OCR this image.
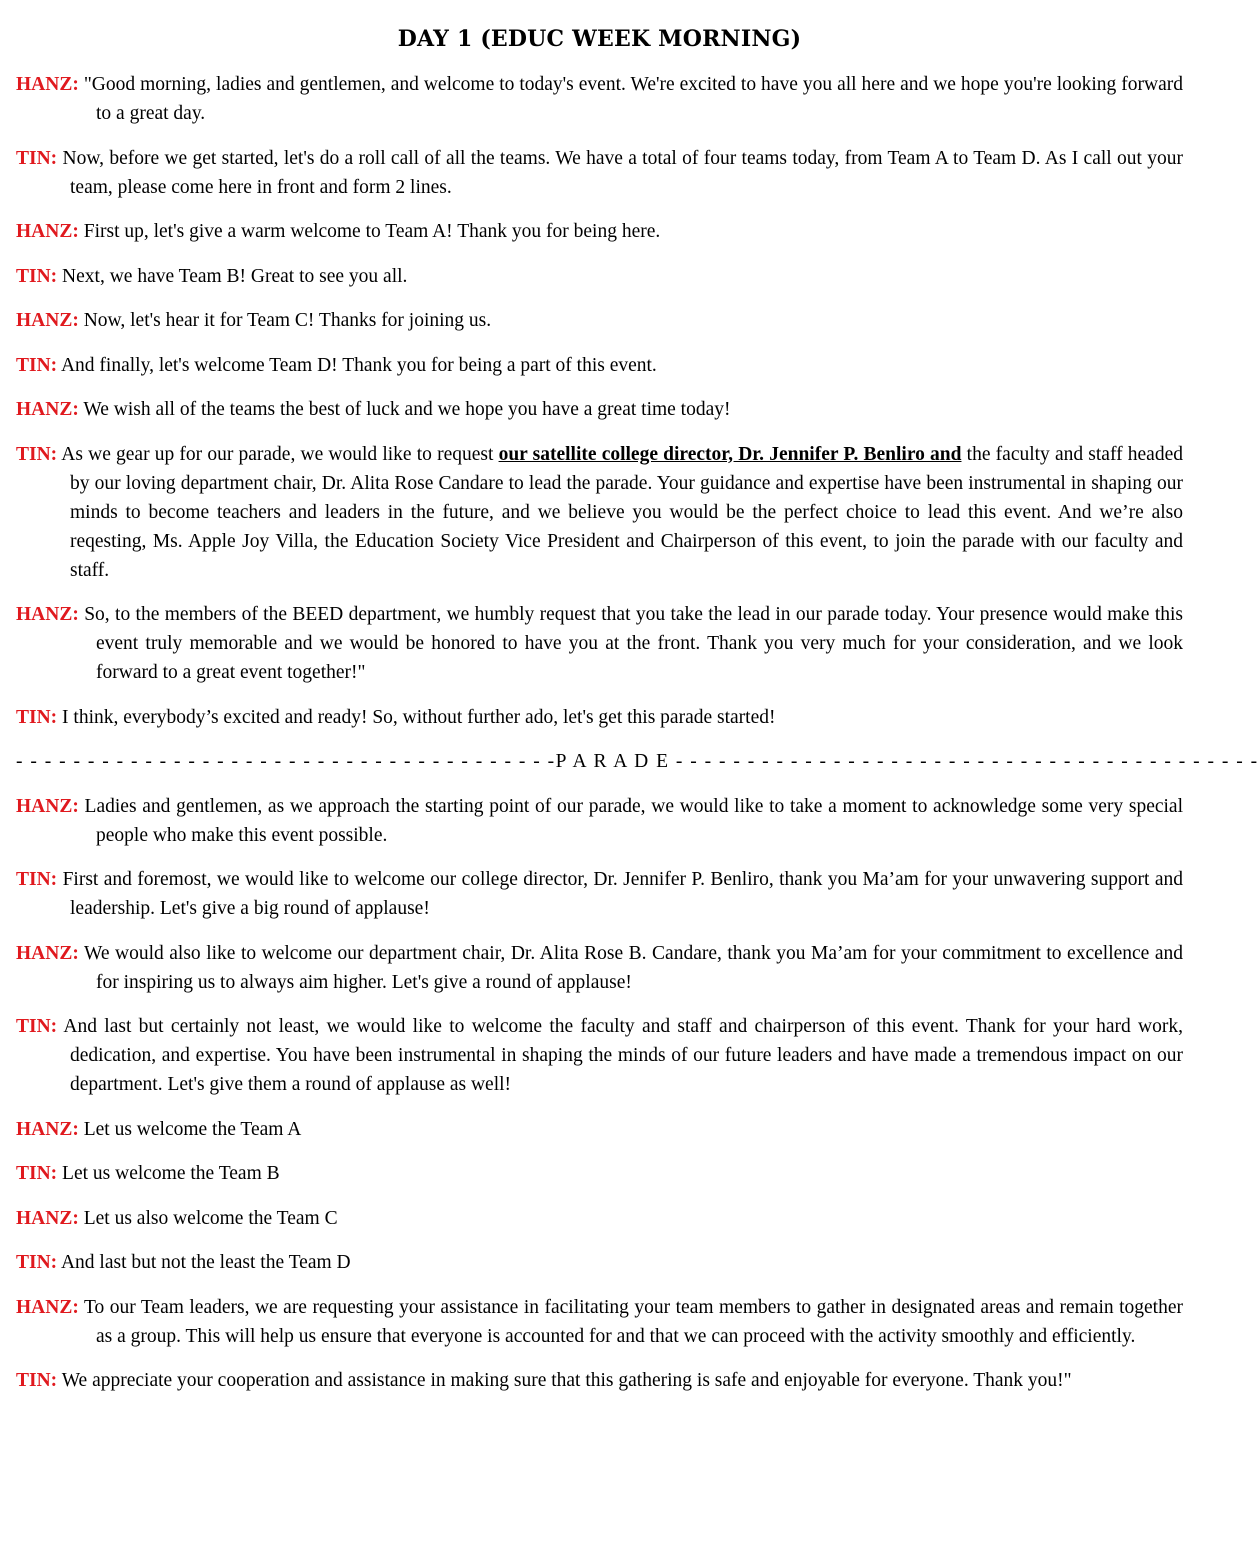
DAY 1 (EDUC WEEK MORNING)

HANZ: "Good morning, ladies and gentlemen, and welcome to today's event. We're excited to have you all here and we hope you're looking forward to a great day.

TIN: Now, before we get started, let's do a roll call of all the teams. We have a total of four teams today, from Team A to Team D. As I call out your team, please come here in front and form 2 lines.

HANZ: First up, let's give a warm welcome to Team A! Thank you for being here.

TIN: Next, we have Team B! Great to see you all.

HANZ: Now, let's hear it for Team C! Thanks for joining us.

TIN: And finally, let's welcome Team D! Thank you for being a part of this event.

HANZ: We wish all of the teams the best of luck and we hope you have a great time today!

TIN: As we gear up for our parade, we would like to request our satellite college director, Dr. Jennifer P. Benliro and the faculty and staff headed by our loving department chair, Dr. Alita Rose Candare to lead the parade. Your guidance and expertise have been instrumental in shaping our minds to become teachers and leaders in the future, and we believe you would be the perfect choice to lead this event. And we’re also reqesting, Ms. Apple Joy Villa, the Education Society Vice President and Chairperson of this event, to join the parade with our faculty and staff.

HANZ: So, to the members of the BEED department, we humbly request that you take the lead in our parade today. Your presence would make this event truly memorable and we would be honored to have you at the front. Thank you very much for your consideration, and we look forward to a great event together!"

TIN: I think, everybody’s excited and ready! So, without further ado, let's get this parade started!

- - - - - - - - - - - - - - - - - - - - - - - - - - - - - - - - - - - - - -P A R A D E - - - - - - - - - - - - - - - - - - - - - - - - - - - - - - - - - - - - - - - - -

HANZ: Ladies and gentlemen, as we approach the starting point of our parade, we would like to take a moment to acknowledge some very special people who make this event possible.

TIN: First and foremost, we would like to welcome our college director, Dr. Jennifer P. Benliro, thank you Ma’am for your unwavering support and leadership. Let's give a big round of applause!

HANZ: We would also like to welcome our department chair, Dr. Alita Rose B. Candare, thank you Ma’am for your commitment to excellence and for inspiring us to always aim higher. Let's give a round of applause!

TIN: And last but certainly not least, we would like to welcome the faculty and staff and chairperson of this event. Thank for your hard work, dedication, and expertise. You have been instrumental in shaping the minds of our future leaders and have made a tremendous impact on our department. Let's give them a round of applause as well!

HANZ: Let us welcome the Team A

TIN: Let us welcome the Team B

HANZ: Let us also welcome the Team C

TIN: And last but not the least the Team D

HANZ: To our Team leaders, we are requesting your assistance in facilitating your team members to gather in designated areas and remain together as a group. This will help us ensure that everyone is accounted for and that we can proceed with the activity smoothly and efficiently.

TIN: We appreciate your cooperation and assistance in making sure that this gathering is safe and enjoyable for everyone. Thank you!"
